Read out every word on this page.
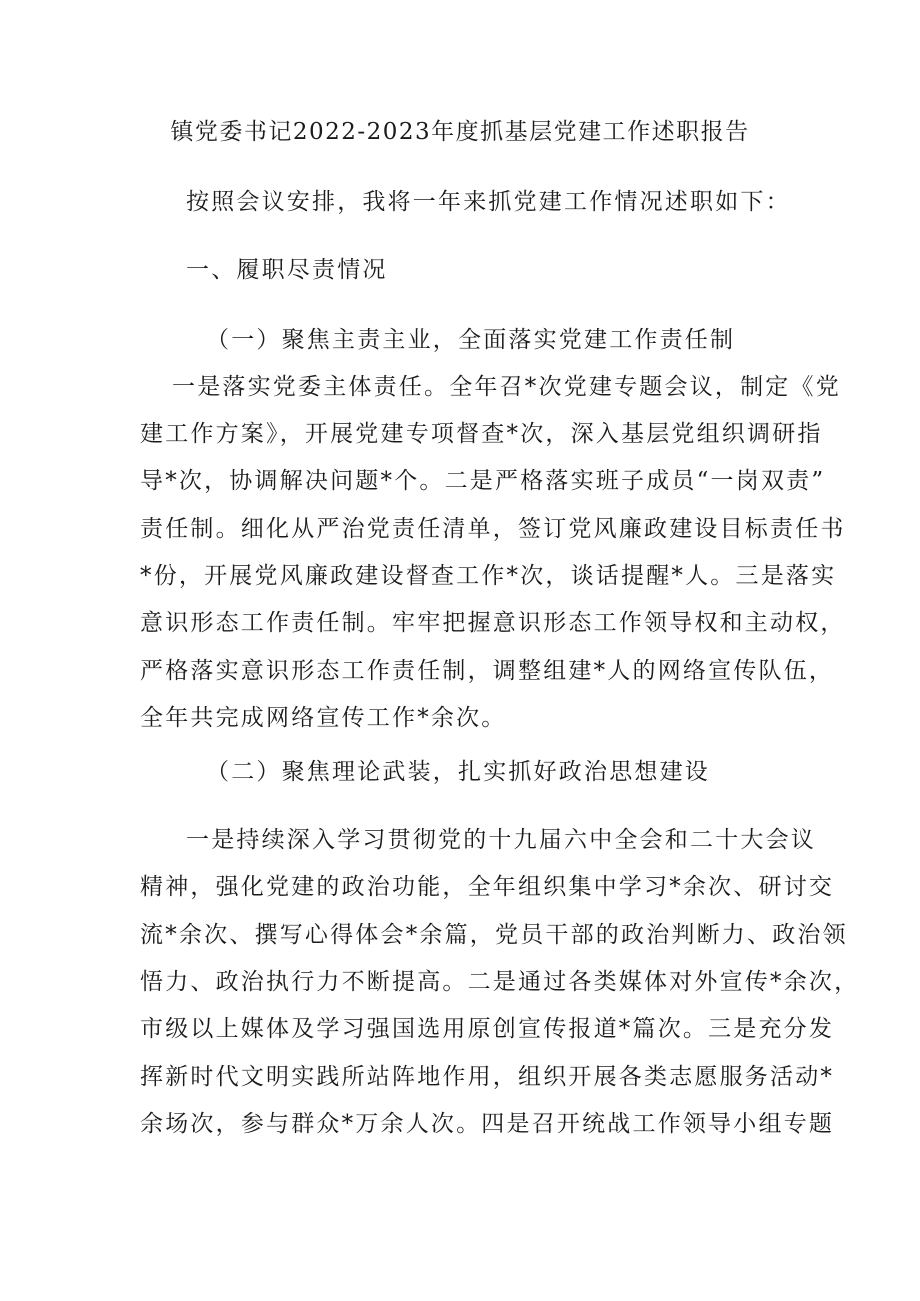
镇党委书记2022-2023年度抓基层党建工作述职报告
按照会议安排，我将一年来抓党建工作情况述职如下：
一、履职尽责情况
（一）聚焦主责主业，全面落实党建工作责任制
一是落实党委主体责任。全年召*次党建专题会议，制定《党
建工作方案》，开展党建专项督查*次，深入基层党组织调研指
导*次，协调解决问题*个。二是严格落实班子成员“一岗双责”
责任制。细化从严治党责任清单，签订党风廉政建设目标责任书
*份，开展党风廉政建设督查工作*次，谈话提醒*人。三是落实
意识形态工作责任制。牢牢把握意识形态工作领导权和主动权，
严格落实意识形态工作责任制，调整组建*人的网络宣传队伍，
全年共完成网络宣传工作*余次。
（二）聚焦理论武装，扎实抓好政治思想建设
一是持续深入学习贯彻党的十九届六中全会和二十大会议
精神，强化党建的政治功能，全年组织集中学习*余次、研讨交
流*余次、撰写心得体会*余篇，党员干部的政治判断力、政治领
悟力、政治执行力不断提高。二是通过各类媒体对外宣传*余次，
市级以上媒体及学习强国选用原创宣传报道*篇次。三是充分发
挥新时代文明实践所站阵地作用，组织开展各类志愿服务活动*
余场次，参与群众*万余人次。四是召开统战工作领导小组专题
